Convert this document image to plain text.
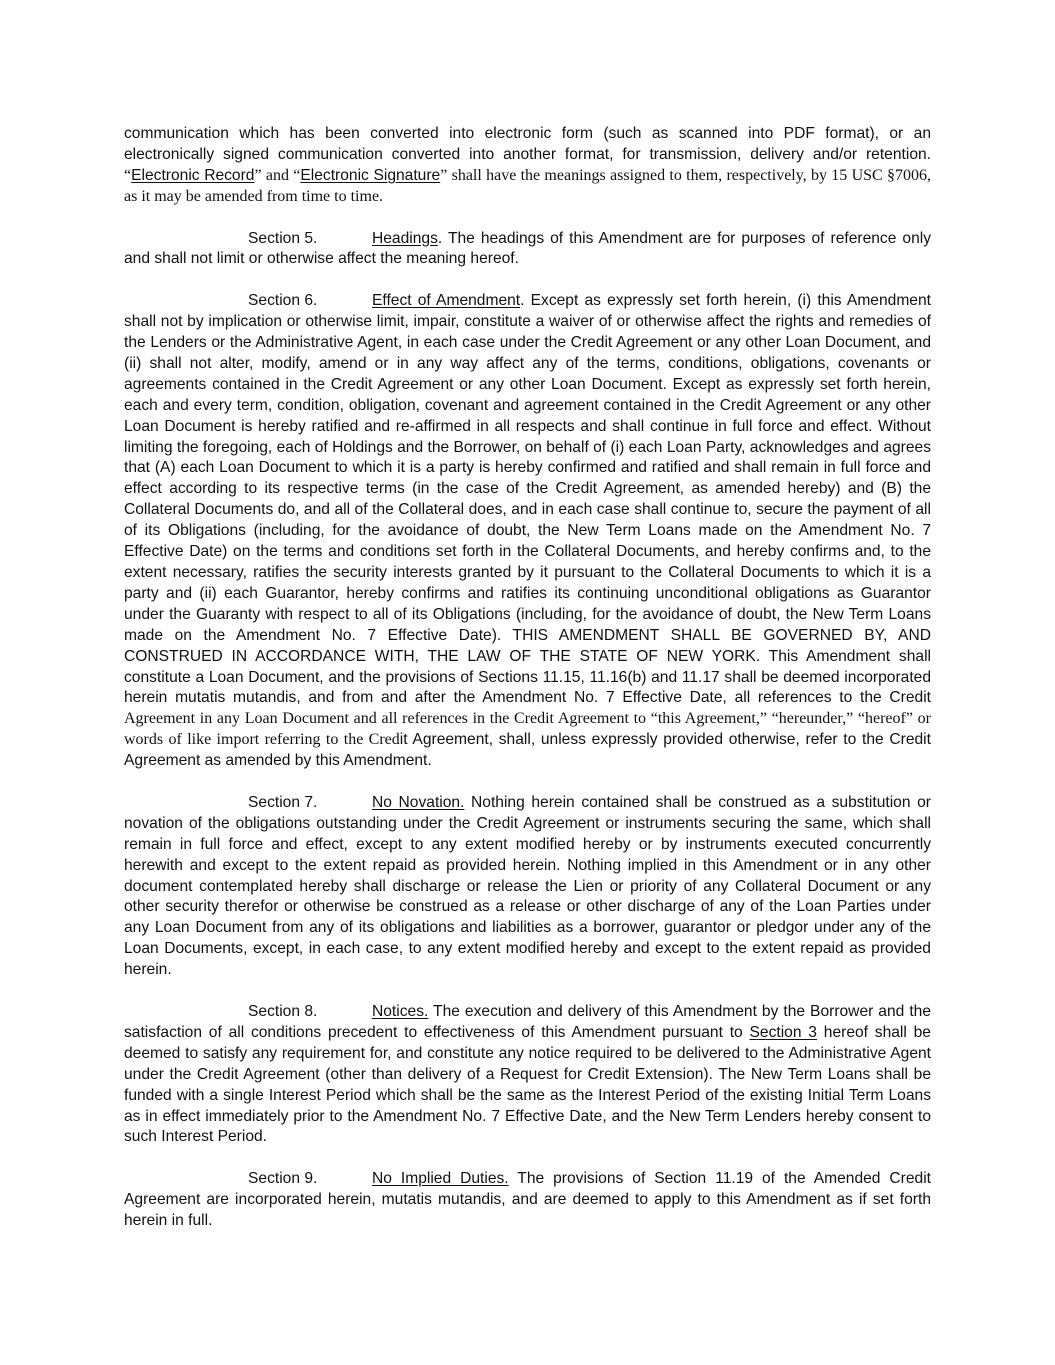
communication which has been converted into electronic form (such as scanned into PDF format), or an electronically signed communication converted into another format, for transmission, delivery and/or retention. “Electronic Record” and “Electronic Signature” shall have the meanings assigned to them, respectively, by 15 USC §7006, as it may be amended from time to time.

Section 5.	Headings. The headings of this Amendment are for purposes of reference only and shall not limit or otherwise affect the meaning hereof.

Section 6.	Effect of Amendment. Except as expressly set forth herein, (i) this Amendment shall not by implication or otherwise limit, impair, constitute a waiver of or otherwise affect the rights and remedies of the Lenders or the Administrative Agent, in each case under the Credit Agreement or any other Loan Document, and (ii) shall not alter, modify, amend or in any way affect any of the terms, conditions, obligations, covenants or agreements contained in the Credit Agreement or any other Loan Document. Except as expressly set forth herein, each and every term, condition, obligation, covenant and agreement contained in the Credit Agreement or any other Loan Document is hereby ratified and re-affirmed in all respects and shall continue in full force and effect. Without limiting the foregoing, each of Holdings and the Borrower, on behalf of (i) each Loan Party, acknowledges and agrees that (A) each Loan Document to which it is a party is hereby confirmed and ratified and shall remain in full force and effect according to its respective terms (in the case of the Credit Agreement, as amended hereby) and (B) the Collateral Documents do, and all of the Collateral does, and in each case shall continue to, secure the payment of all of its Obligations (including, for the avoidance of doubt, the New Term Loans made on the Amendment No. 7 Effective Date) on the terms and conditions set forth in the Collateral Documents, and hereby confirms and, to the extent necessary, ratifies the security interests granted by it pursuant to the Collateral Documents to which it is a party and (ii) each Guarantor, hereby confirms and ratifies its continuing unconditional obligations as Guarantor under the Guaranty with respect to all of its Obligations (including, for the avoidance of doubt, the New Term Loans made on the Amendment No. 7 Effective Date). THIS AMENDMENT SHALL BE GOVERNED BY, AND CONSTRUED IN ACCORDANCE WITH, THE LAW OF THE STATE OF NEW YORK. This Amendment shall constitute a Loan Document, and the provisions of Sections 11.15, 11.16(b) and 11.17 shall be deemed incorporated herein mutatis mutandis, and from and after the Amendment No. 7 Effective Date, all references to the Credit Agreement in any Loan Document and all references in the Credit Agreement to “this Agreement,” “hereunder,” “hereof” or words of like import referring to the Credit Agreement, shall, unless expressly provided otherwise, refer to the Credit Agreement as amended by this Amendment.

Section 7.	No Novation. Nothing herein contained shall be construed as a substitution or novation of the obligations outstanding under the Credit Agreement or instruments securing the same, which shall remain in full force and effect, except to any extent modified hereby or by instruments executed concurrently herewith and except to the extent repaid as provided herein. Nothing implied in this Amendment or in any other document contemplated hereby shall discharge or release the Lien or priority of any Collateral Document or any other security therefor or otherwise be construed as a release or other discharge of any of the Loan Parties under any Loan Document from any of its obligations and liabilities as a borrower, guarantor or pledgor under any of the Loan Documents, except, in each case, to any extent modified hereby and except to the extent repaid as provided herein.

Section 8.	Notices. The execution and delivery of this Amendment by the Borrower and the satisfaction of all conditions precedent to effectiveness of this Amendment pursuant to Section 3 hereof shall be deemed to satisfy any requirement for, and constitute any notice required to be delivered to the Administrative Agent under the Credit Agreement (other than delivery of a Request for Credit Extension). The New Term Loans shall be funded with a single Interest Period which shall be the same as the Interest Period of the existing Initial Term Loans as in effect immediately prior to the Amendment No. 7 Effective Date, and the New Term Lenders hereby consent to such Interest Period.

Section 9.	No Implied Duties. The provisions of Section 11.19 of the Amended Credit Agreement are incorporated herein, mutatis mutandis, and are deemed to apply to this Amendment as if set forth herein in full.
